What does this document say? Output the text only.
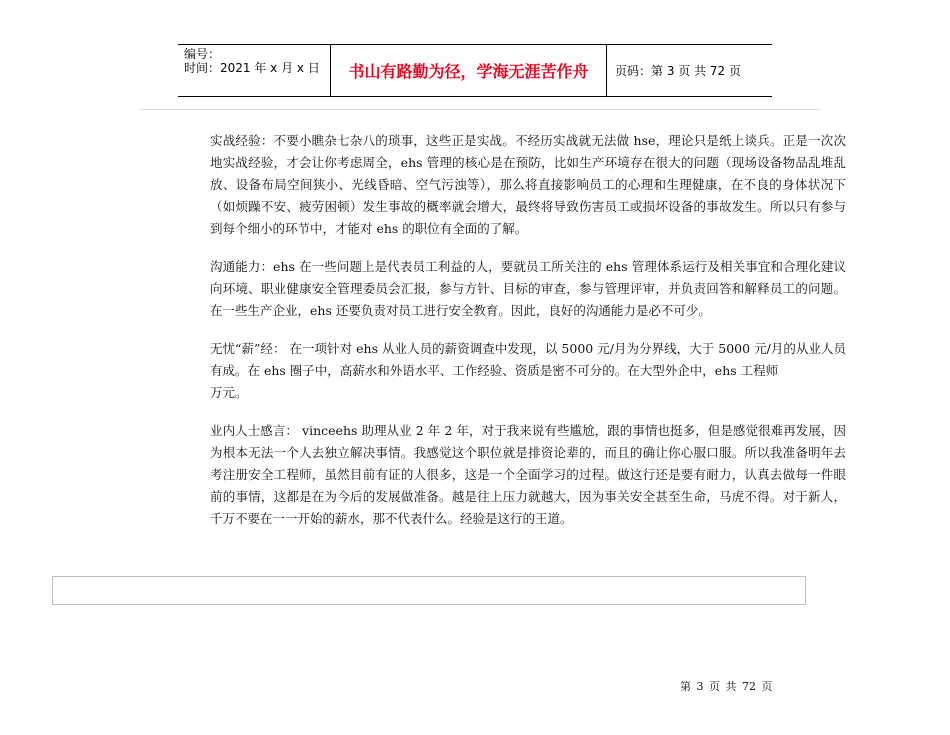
编号：
时间：2021 年 x 月 x 日	书山有路勤为径，学海无涯苦作舟	页码：第 3 页 共 72 页

实战经验：不要小瞧杂七杂八的琐事，这些正是实战。不经历实战就无法做 hse，理论只是纸上谈兵。正是一次次地实战经验，才会让你考虑周全，ehs 管理的核心是在预防，比如生产环境存在很大的问题（现场设备物品乱堆乱放、设备布局空间狭小、光线昏暗、空气污浊等），那么将直接影响员工的心理和生理健康，在不良的身体状况下（如烦躁不安、疲劳困顿）发生事故的概率就会增大，最终将导致伤害员工或损坏设备的事故发生。所以只有参与到每个细小的环节中，才能对 ehs 的职位有全面的了解。

沟通能力：ehs 在一些问题上是代表员工利益的人，要就员工所关注的 ehs 管理体系运行及相关事宜和合理化建议向环境、职业健康安全管理委员会汇报，参与方针、目标的审查，参与管理评审，并负责回答和解释员工的问题。在一些生产企业，ehs 还要负责对员工进行安全教育。因此，良好的沟通能力是必不可少。

无忧“薪”经： 在一项针对 ehs 从业人员的薪资调查中发现，以 5000 元/月为分界线，大于 5000 元/月的从业人员有成。在 ehs 圈子中，高薪水和外语水平、工作经验、资质是密不可分的。在大型外企中，ehs 工程师
万元。

业内人士感言： vinceehs 助理从业 2 年 2 年，对于我来说有些尴尬，跟的事情也挺多，但是感觉很难再发展，因为根本无法一个人去独立解决事情。我感觉这个职位就是排资论辈的，而且的确让你心服口服。所以我准备明年去考注册安全工程师，虽然目前有证的人很多，这是一个全面学习的过程。做这行还是要有耐力，认真去做每一件眼前的事情，这都是在为今后的发展做准备。越是往上压力就越大，因为事关安全甚至生命，马虎不得。对于新人，千万不要在一一开始的薪水，那不代表什么。经验是这行的王道。

第 3 页 共 72 页
